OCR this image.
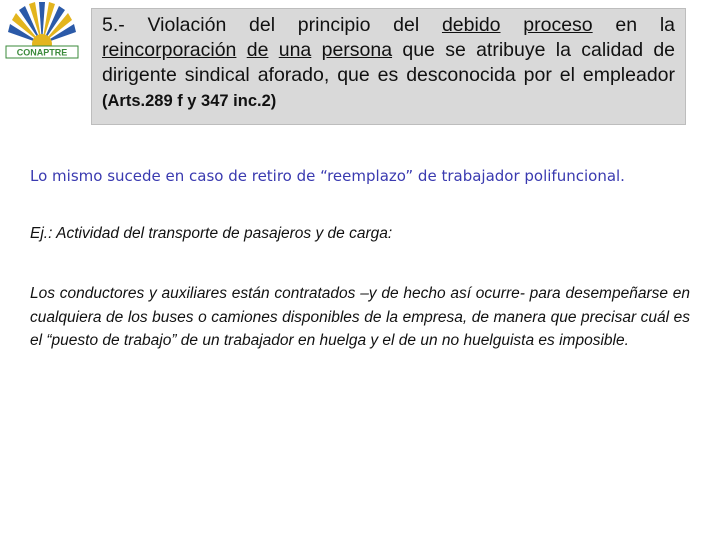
CONAPTRE

5.- Violación del principio del debido proceso en la reincorporación de una persona que se atribuye la calidad de dirigente sindical aforado, que es desconocida por el empleador (Arts.289 f y 347 inc.2)

Lo mismo sucede en caso de retiro de “reemplazo” de trabajador polifuncional.

Ej.: Actividad del transporte de pasajeros y de carga:

Los conductores y auxiliares están contratados –y de hecho así ocurre- para desempeñarse en cualquiera de los buses o camiones disponibles de la empresa, de manera que precisar cuál es el “puesto de trabajo” de un trabajador en huelga y el de un no huelguista es imposible.
